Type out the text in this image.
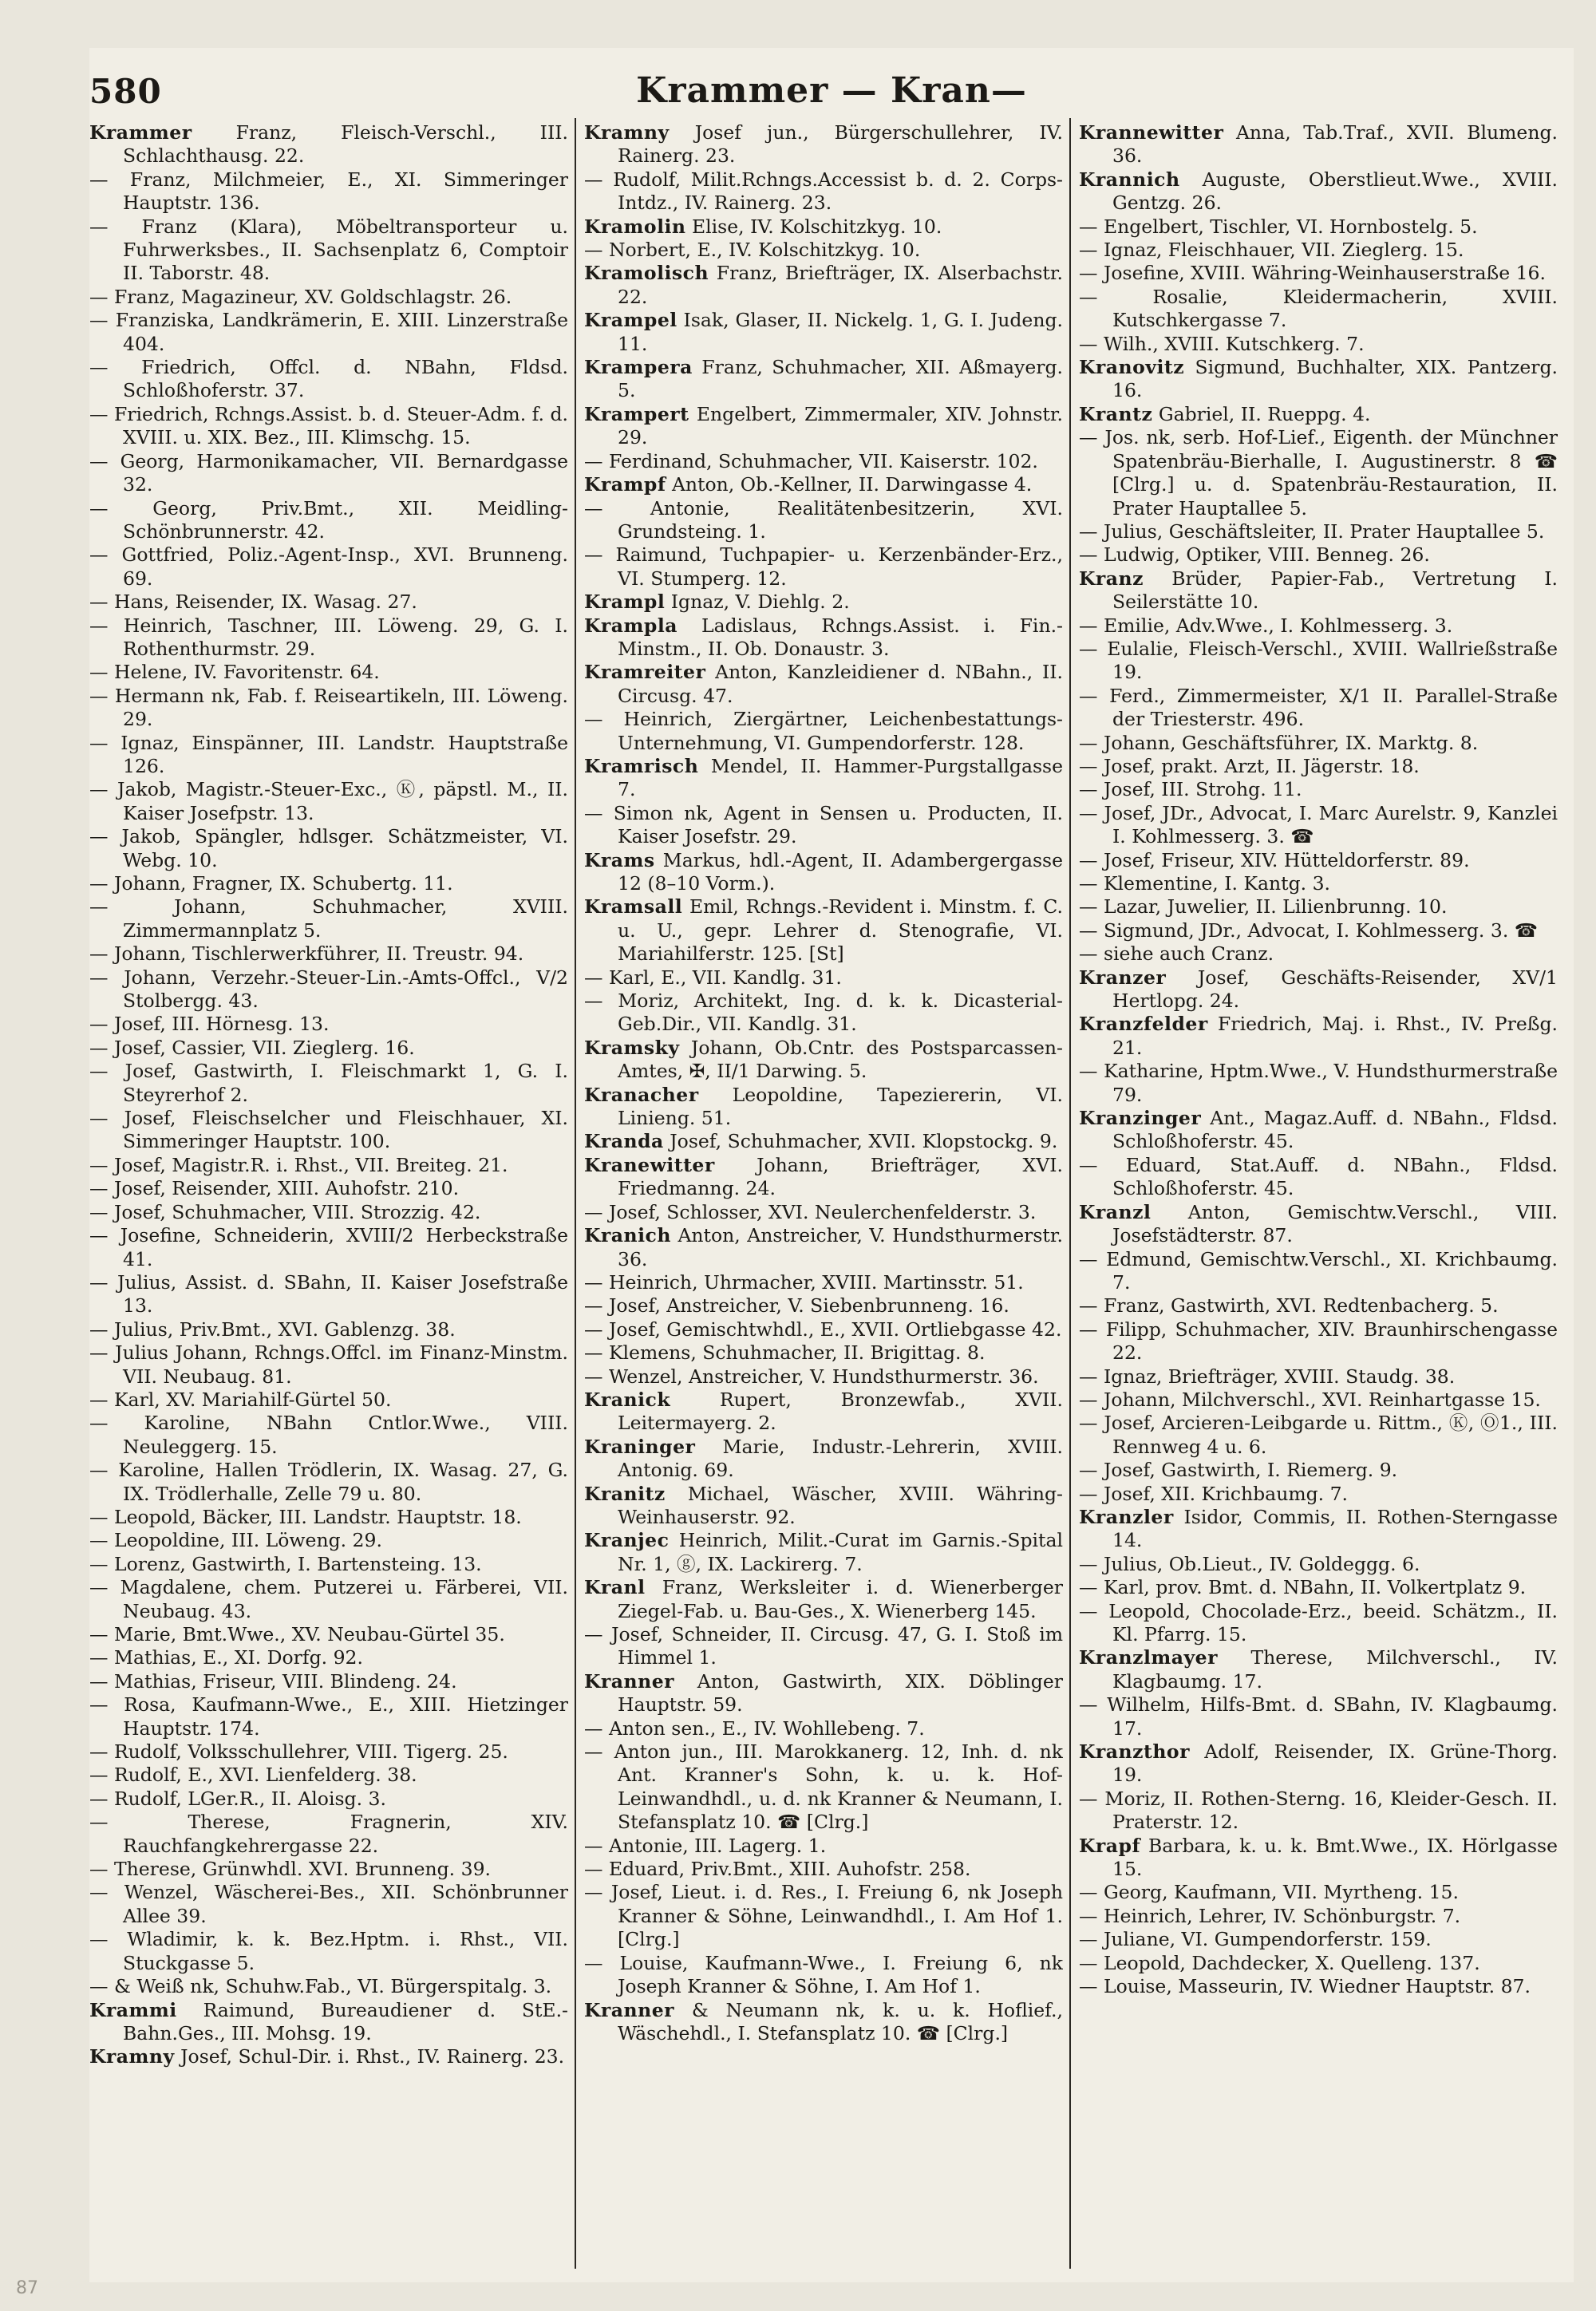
580	Krammer — Kran—

Krammer Franz, Fleisch-Verschl., III. Schlachthausg. 22.

— Franz, Milchmeier, E., XI. Simmeringer Hauptstr. 136.

— Franz (Klara), Möbeltransporteur u. Fuhrwerksbes., II. Sachsenplatz 6, Comptoir II. Taborstr. 48.

— Franz, Magazineur, XV. Goldschlagstr. 26.

— Franziska, Landkrämerin, E. XIII. Linzerstraße 404.

— Friedrich, Offcl. d. NBahn, Fldsd. Schloßhoferstr. 37.

— Friedrich, Rchngs.Assist. b. d. Steuer-Adm. f. d. XVIII. u. XIX. Bez., III. Klimschg. 15.

— Georg, Harmonikamacher, VII. Bernardgasse 32.

— Georg, Priv.Bmt., XII. Meidling-Schönbrunnerstr. 42.

— Gottfried, Poliz.-Agent-Insp., XVI. Brunneng. 69.

— Hans, Reisender, IX. Wasag. 27.

— Heinrich, Taschner, III. Löweng. 29, G. I. Rothenthurmstr. 29.

— Helene, IV. Favoritenstr. 64.

— Hermann nk, Fab. f. Reiseartikeln, III. Löweng. 29.

— Ignaz, Einspänner, III. Landstr. Hauptstraße 126.

— Jakob, Magistr.-Steuer-Exc., Ⓚ, päpstl. M., II. Kaiser Josefpstr. 13.

— Jakob, Spängler, hdlsger. Schätzmeister, VI. Webg. 10.

— Johann, Fragner, IX. Schubertg. 11.

— Johann, Schuhmacher, XVIII. Zimmermannplatz 5.

— Johann, Tischlerwerkführer, II. Treustr. 94.

— Johann, Verzehr.-Steuer-Lin.-Amts-Offcl., V/2 Stolbergg. 43.

— Josef, III. Hörnesg. 13.

— Josef, Cassier, VII. Zieglerg. 16.

— Josef, Gastwirth, I. Fleischmarkt 1, G. I. Steyrerhof 2.

— Josef, Fleischselcher und Fleischhauer, XI. Simmeringer Hauptstr. 100.

— Josef, Magistr.R. i. Rhst., VII. Breiteg. 21.

— Josef, Reisender, XIII. Auhofstr. 210.

— Josef, Schuhmacher, VIII. Strozzig. 42.

— Josefine, Schneiderin, XVIII/2 Herbeckstraße 41.

— Julius, Assist. d. SBahn, II. Kaiser Josefstraße 13.

— Julius, Priv.Bmt., XVI. Gablenzg. 38.

— Julius Johann, Rchngs.Offcl. im Finanz-Minstm. VII. Neubaug. 81.

— Karl, XV. Mariahilf-Gürtel 50.

— Karoline, NBahn Cntlor.Wwe., VIII. Neuleggerg. 15.

— Karoline, Hallen Trödlerin, IX. Wasag. 27, G. IX. Trödlerhalle, Zelle 79 u. 80.

— Leopold, Bäcker, III. Landstr. Hauptstr. 18.

— Leopoldine, III. Löweng. 29.

— Lorenz, Gastwirth, I. Bartensteing. 13.

— Magdalene, chem. Putzerei u. Färberei, VII. Neubaug. 43.

— Marie, Bmt.Wwe., XV. Neubau-Gürtel 35.

— Mathias, E., XI. Dorfg. 92.

— Mathias, Friseur, VIII. Blindeng. 24.

— Rosa, Kaufmann-Wwe., E., XIII. Hietzinger Hauptstr. 174.

— Rudolf, Volksschullehrer, VIII. Tigerg. 25.

— Rudolf, E., XVI. Lienfelderg. 38.

— Rudolf, LGer.R., II. Aloisg. 3.

— Therese, Fragnerin, XIV. Rauchfangkehrergasse 22.

— Therese, Grünwhdl. XVI. Brunneng. 39.

— Wenzel, Wäscherei-Bes., XII. Schönbrunner Allee 39.

— Wladimir, k. k. Bez.Hptm. i. Rhst., VII. Stuckgasse 5.

— & Weiß nk, Schuhw.Fab., VI. Bürgerspitalg. 3.

Krammi Raimund, Bureaudiener d. StE.-Bahn.Ges., III. Mohsg. 19.

Kramny Josef, Schul-Dir. i. Rhst., IV. Rainerg. 23.

Kramny Josef jun., Bürgerschullehrer, IV. Rainerg. 23.

— Rudolf, Milit.Rchngs.Accessist b. d. 2. Corps-Intdz., IV. Rainerg. 23.

Kramolin Elise, IV. Kolschitzkyg. 10.

— Norbert, E., IV. Kolschitzkyg. 10.

Kramolisch Franz, Briefträger, IX. Alserbachstr. 22.

Krampel Isak, Glaser, II. Nickelg. 1, G. I. Judeng. 11.

Krampera Franz, Schuhmacher, XII. Aßmayerg. 5.

Krampert Engelbert, Zimmermaler, XIV. Johnstr. 29.

— Ferdinand, Schuhmacher, VII. Kaiserstr. 102.

Krampf Anton, Ob.-Kellner, II. Darwingasse 4.

— Antonie, Realitätenbesitzerin, XVI. Grundsteing. 1.

— Raimund, Tuchpapier- u. Kerzenbänder-Erz., VI. Stumperg. 12.

Krampl Ignaz, V. Diehlg. 2.

Krampla Ladislaus, Rchngs.Assist. i. Fin.-Minstm., II. Ob. Donaustr. 3.

Kramreiter Anton, Kanzleidiener d. NBahn., II. Circusg. 47.

— Heinrich, Ziergärtner, Leichenbestattungs-Unternehmung, VI. Gumpendorferstr. 128.

Kramrisch Mendel, II. Hammer-Purgstallgasse 7.

— Simon nk, Agent in Sensen u. Producten, II. Kaiser Josefstr. 29.

Krams Markus, hdl.-Agent, II. Adambergergasse 12 (8–10 Vorm.).

Kramsall Emil, Rchngs.-Revident i. Minstm. f. C. u. U., gepr. Lehrer d. Stenografie, VI. Mariahilferstr. 125. [St]

— Karl, E., VII. Kandlg. 31.

— Moriz, Architekt, Ing. d. k. k. Dicasterial-Geb.Dir., VII. Kandlg. 31.

Kramsky Johann, Ob.Cntr. des Postsparcassen-Amtes, ✠, II/1 Darwing. 5.

Kranacher Leopoldine, Tapeziererin, VI. Linieng. 51.

Kranda Josef, Schuhmacher, XVII. Klopstockg. 9.

Kranewitter Johann, Briefträger, XVI. Friedmanng. 24.

— Josef, Schlosser, XVI. Neulerchenfelderstr. 3.

Kranich Anton, Anstreicher, V. Hundsthurmerstr. 36.

— Heinrich, Uhrmacher, XVIII. Martinsstr. 51.

— Josef, Anstreicher, V. Siebenbrunneng. 16.

— Josef, Gemischtwhdl., E., XVII. Ortliebgasse 42.

— Klemens, Schuhmacher, II. Brigittag. 8.

— Wenzel, Anstreicher, V. Hundsthurmerstr. 36.

Kranick	Rupert, Bronzewfab., XVII. Leitermayerg. 2.

Kraninger Marie, Industr.-Lehrerin, XVIII. Antonig. 69.

Kranitz Michael, Wäscher, XVIII. Währing-Weinhauserstr. 92.

Kranjec Heinrich, Milit.-Curat im Garnis.-Spital Nr. 1, ⓖ, IX. Lackirerg. 7.

Kranl Franz, Werksleiter i. d. Wienerberger Ziegel-Fab. u. Bau-Ges., X. Wienerberg 145.

— Josef, Schneider, II. Circusg. 47, G. I. Stoß im Himmel 1.

Kranner Anton, Gastwirth, XIX. Döblinger Hauptstr. 59.

— Anton sen., E., IV. Wohllebeng. 7.

— Anton jun., III. Marokkanerg. 12, Inh. d. nk Ant. Kranner's Sohn, k. u. k. Hof-Leinwandhdl., u. d. nk Kranner & Neumann, I. Stefansplatz 10. ☎ [Clrg.]

— Antonie, III. Lagerg. 1.

— Eduard, Priv.Bmt., XIII. Auhofstr. 258.

— Josef, Lieut. i. d. Res., I. Freiung 6, nk Joseph Kranner & Söhne, Leinwandhdl., I. Am Hof 1. [Clrg.]

— Louise, Kaufmann-Wwe., I. Freiung 6, nk Joseph Kranner & Söhne, I. Am Hof 1.

Kranner & Neumann nk, k. u. k. Hoflief., Wäschehdl., I. Stefansplatz 10. ☎ [Clrg.]

Krannewitter Anna, Tab.Traf., XVII. Blumeng. 36.

Krannich Auguste, Oberstlieut.Wwe., XVIII. Gentzg. 26.

— Engelbert, Tischler, VI. Hornbostelg. 5.

— Ignaz, Fleischhauer, VII. Zieglerg. 15.

— Josefine, XVIII. Währing-Weinhauserstraße 16.

— Rosalie, Kleidermacherin, XVIII. Kutschkergasse 7.

— Wilh., XVIII. Kutschkerg. 7.

Kranovitz Sigmund, Buchhalter, XIX. Pantzerg. 16.

Krantz Gabriel, II. Rueppg. 4.

— Jos. nk, serb. Hof-Lief., Eigenth. der Münchner Spatenbräu-Bierhalle, I. Augustinerstr. 8 ☎ [Clrg.] u. d. Spatenbräu-Restauration, II. Prater Hauptallee 5.

— Julius, Geschäftsleiter, II. Prater Hauptallee 5.

— Ludwig, Optiker, VIII. Benneg. 26.

Kranz Brüder, Papier-Fab., Vertretung I. Seilerstätte 10.

— Emilie, Adv.Wwe., I. Kohlmesserg. 3.

— Eulalie, Fleisch-Verschl., XVIII. Wallrießstraße 19.

— Ferd., Zimmermeister, X/1 II. Parallel-Straße der Triesterstr. 496.

— Johann, Geschäftsführer, IX. Marktg. 8.

— Josef, prakt. Arzt, II. Jägerstr. 18.

— Josef, III. Strohg. 11.

— Josef, JDr., Advocat, I. Marc Aurelstr. 9, Kanzlei I. Kohlmesserg. 3. ☎

— Josef, Friseur, XIV. Hütteldorferstr. 89.

— Klementine, I. Kantg. 3.

— Lazar, Juwelier, II. Lilienbrunng. 10.

— Sigmund, JDr., Advocat, I. Kohlmesserg. 3. ☎

— siehe auch Cranz.

Kranzer Josef, Geschäfts-Reisender, XV/1 Hertlopg. 24.

Kranzfelder Friedrich, Maj. i. Rhst., IV. Preßg. 21.

— Katharine, Hptm.Wwe., V. Hundsthurmerstraße 79.

Kranzinger Ant., Magaz.Auff. d. NBahn., Fldsd. Schloßhoferstr. 45.

— Eduard, Stat.Auff. d. NBahn., Fldsd. Schloßhoferstr. 45.

Kranzl Anton, Gemischtw.Verschl., VIII. Josefstädterstr. 87.

— Edmund, Gemischtw.Verschl., XI. Krichbaumg. 7.

— Franz, Gastwirth, XVI. Redtenbacherg. 5.

— Filipp, Schuhmacher, XIV. Braunhirschengasse 22.

— Ignaz, Briefträger, XVIII. Staudg. 38.

— Johann, Milchverschl., XVI. Reinhartgasse 15.

— Josef, Arcieren-Leibgarde u. Rittm., Ⓚ, Ⓞ1., III. Rennweg 4 u. 6.

— Josef, Gastwirth, I. Riemerg. 9.

— Josef, XII. Krichbaumg. 7.

Kranzler Isidor, Commis, II. Rothen-Sterngasse 14.

— Julius, Ob.Lieut., IV. Goldeggg. 6.

— Karl, prov. Bmt. d. NBahn, II. Volkertplatz 9.

— Leopold, Chocolade-Erz., beeid. Schätzm., II. Kl. Pfarrg. 15.

Kranzlmayer Therese, Milchverschl., IV. Klagbaumg. 17.

— Wilhelm, Hilfs-Bmt. d. SBahn, IV. Klagbaumg. 17.

Kranzthor Adolf, Reisender, IX. Grüne-Thorg. 19.

— Moriz, II. Rothen-Sterng. 16, Kleider-Gesch. II. Praterstr. 12.

Krapf Barbara, k. u. k. Bmt.Wwe., IX. Hörlgasse 15.

— Georg, Kaufmann, VII. Myrtheng. 15.

— Heinrich, Lehrer, IV. Schönburgstr. 7.

— Juliane, VI. Gumpendorferstr. 159.

— Leopold, Dachdecker, X. Quelleng. 137.

— Louise, Masseurin, IV. Wiedner Hauptstr. 87.

87
